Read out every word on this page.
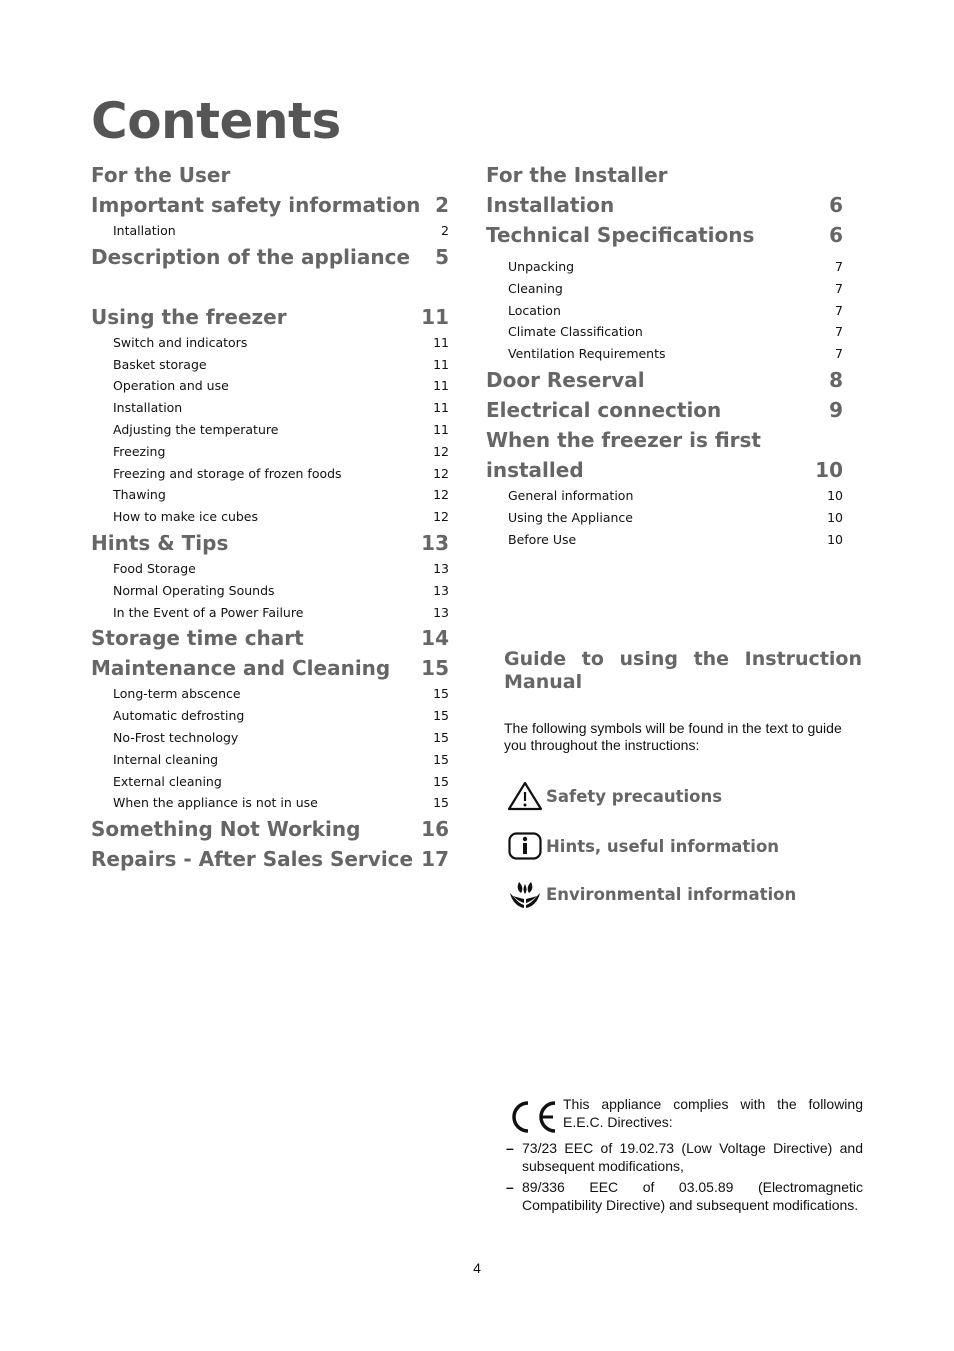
Contents
For the User
Important safety information 2
Intallation	2
Description of the appliance 5

Using the freezer	11
Switch and indicators	11
Basket storage	11
Operation and use	11
Installation	11
Adjusting the temperature	11
Freezing	12
Freezing and storage of frozen foods	12
Thawing	12
How to make ice cubes	12
Hints & Tips	13
Food Storage	13
Normal Operating Sounds	13
In the Event of a Power Failure	13
Storage time chart	14
Maintenance and Cleaning 15
Long-term abscence	15
Automatic defrosting	15
No-Frost technology	15
Internal cleaning	15
External cleaning	15
When the appliance is not in use	15
Something Not Working	16
Repairs - After Sales Service 17
For the Installer
Installation	6
Technical Specifications	6
Unpacking	7
Cleaning	7
Location	7
Climate Classification	7
Ventilation Requirements	7
Door Reserval	8
Electrical connection	9
When the freezer is first
installed	10
General information	10
Using the Appliance	10
Before Use	10

Guide to using the Instruction Manual

The following symbols will be found in the text to guide you throughout the instructions:
Safety precautions
Hints, useful information
Environmental information
This appliance complies with the following E.E.C. Directives:
– 73/23 EEC of 19.02.73 (Low Voltage Directive) and subsequent modifications,
– 89/336 EEC of 03.05.89 (Electromagnetic Compatibility Directive) and subsequent modifications.
4
